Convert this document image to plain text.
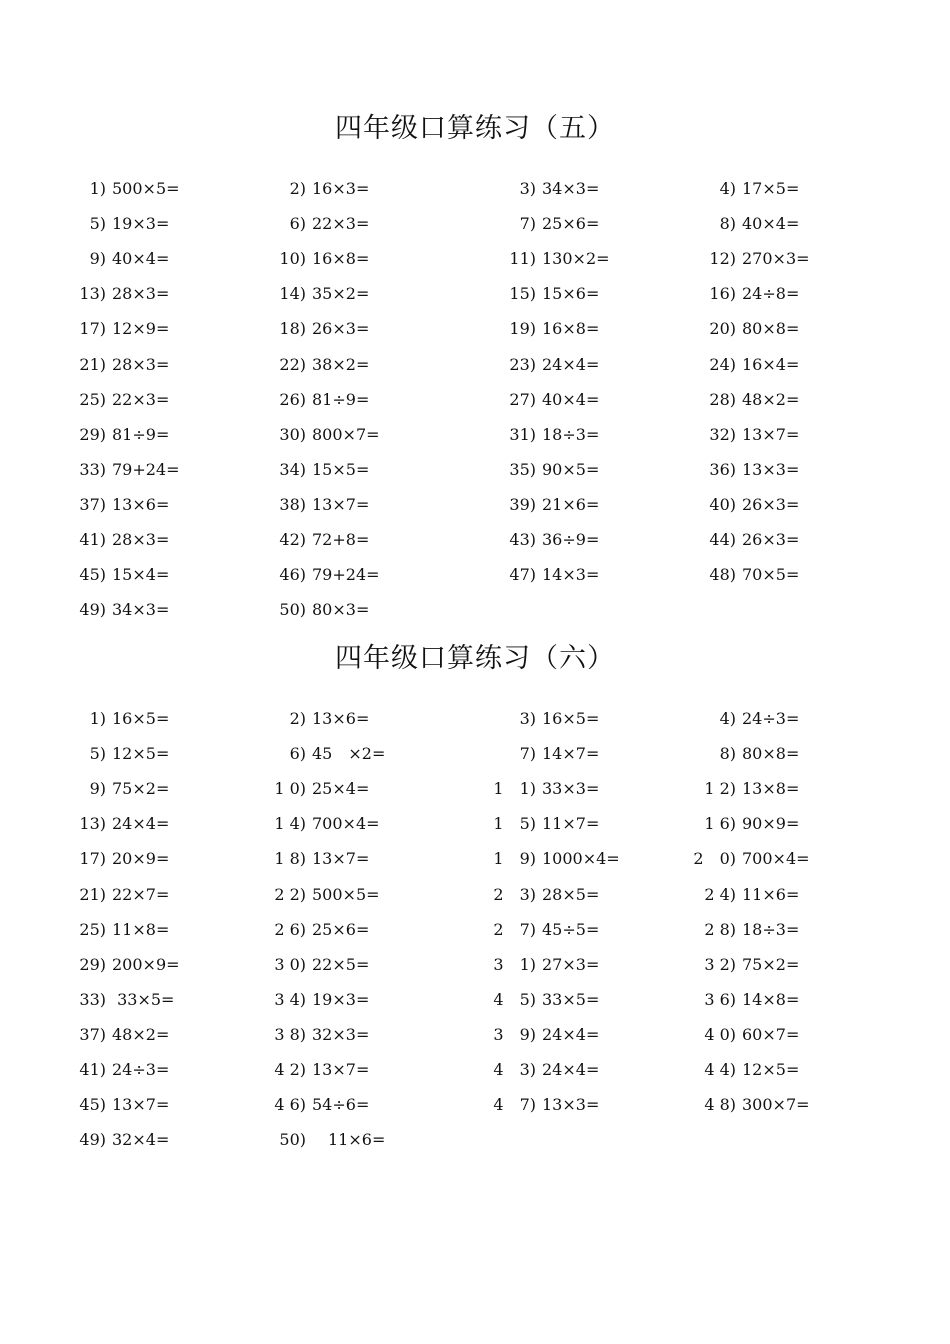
四年级口算练习（五）
1) 500×5=	2) 16×3=	3) 34×3=	4) 17×5=
5) 19×3=	6) 22×3=	7) 25×6=	8) 40×4=
9) 40×4=	10) 16×8=	11) 130×2=	12) 270×3=
13) 28×3=	14) 35×2=	15) 15×6=	16) 24÷8=
17) 12×9=	18) 26×3=	19) 16×8=	20) 80×8=
21) 28×3=	22) 38×2=	23) 24×4=	24) 16×4=
25) 22×3=	26) 81÷9=	27) 40×4=	28) 48×2=
29) 81÷9=	30) 800×7=	31) 18÷3=	32) 13×7=
33) 79+24=	34) 15×5=	35) 90×5=	36) 13×3=
37) 13×6=	38) 13×7=	39) 21×6=	40) 26×3=
41) 28×3=	42) 72+8=	43) 36÷9=	44) 26×3=
45) 15×4=	46) 79+24=	47) 14×3=	48) 70×5=
49) 34×3=	50) 80×3=
四年级口算练习（六）
1) 16×5=	2) 13×6=	3) 16×5=	4) 24÷3=
5) 12×5=	6) 45　×2=	7) 14×7=	8) 80×8=
9) 75×2=	1 0) 25×4=	1　1) 33×3=	1 2) 13×8=
13) 24×4=	1 4) 700×4=	1　5) 11×7=	1 6) 90×9=
17) 20×9=	1 8) 13×7=	1　9) 1000×4=	2　0) 700×4=
21) 22×7=	2 2) 500×5=	2　3) 28×5=	2 4) 11×6=
25) 11×8=	2 6) 25×6=	2　7) 45÷5=	2 8) 18÷3=
29) 200×9=	3 0) 22×5=	3　1) 27×3=	3 2) 75×2=
33) 33×5=	3 4) 19×3=	4　5) 33×5=	3 6) 14×8=
37) 48×2=	3 8) 32×3=	3　9) 24×4=	4 0) 60×7=
41) 24÷3=	4 2) 13×7=	4　3) 24×4=	4 4) 12×5=
45) 13×7=	4 6) 54÷6=	4　7) 13×3=	4 8) 300×7=
49) 32×4=	50) 　11×6=
